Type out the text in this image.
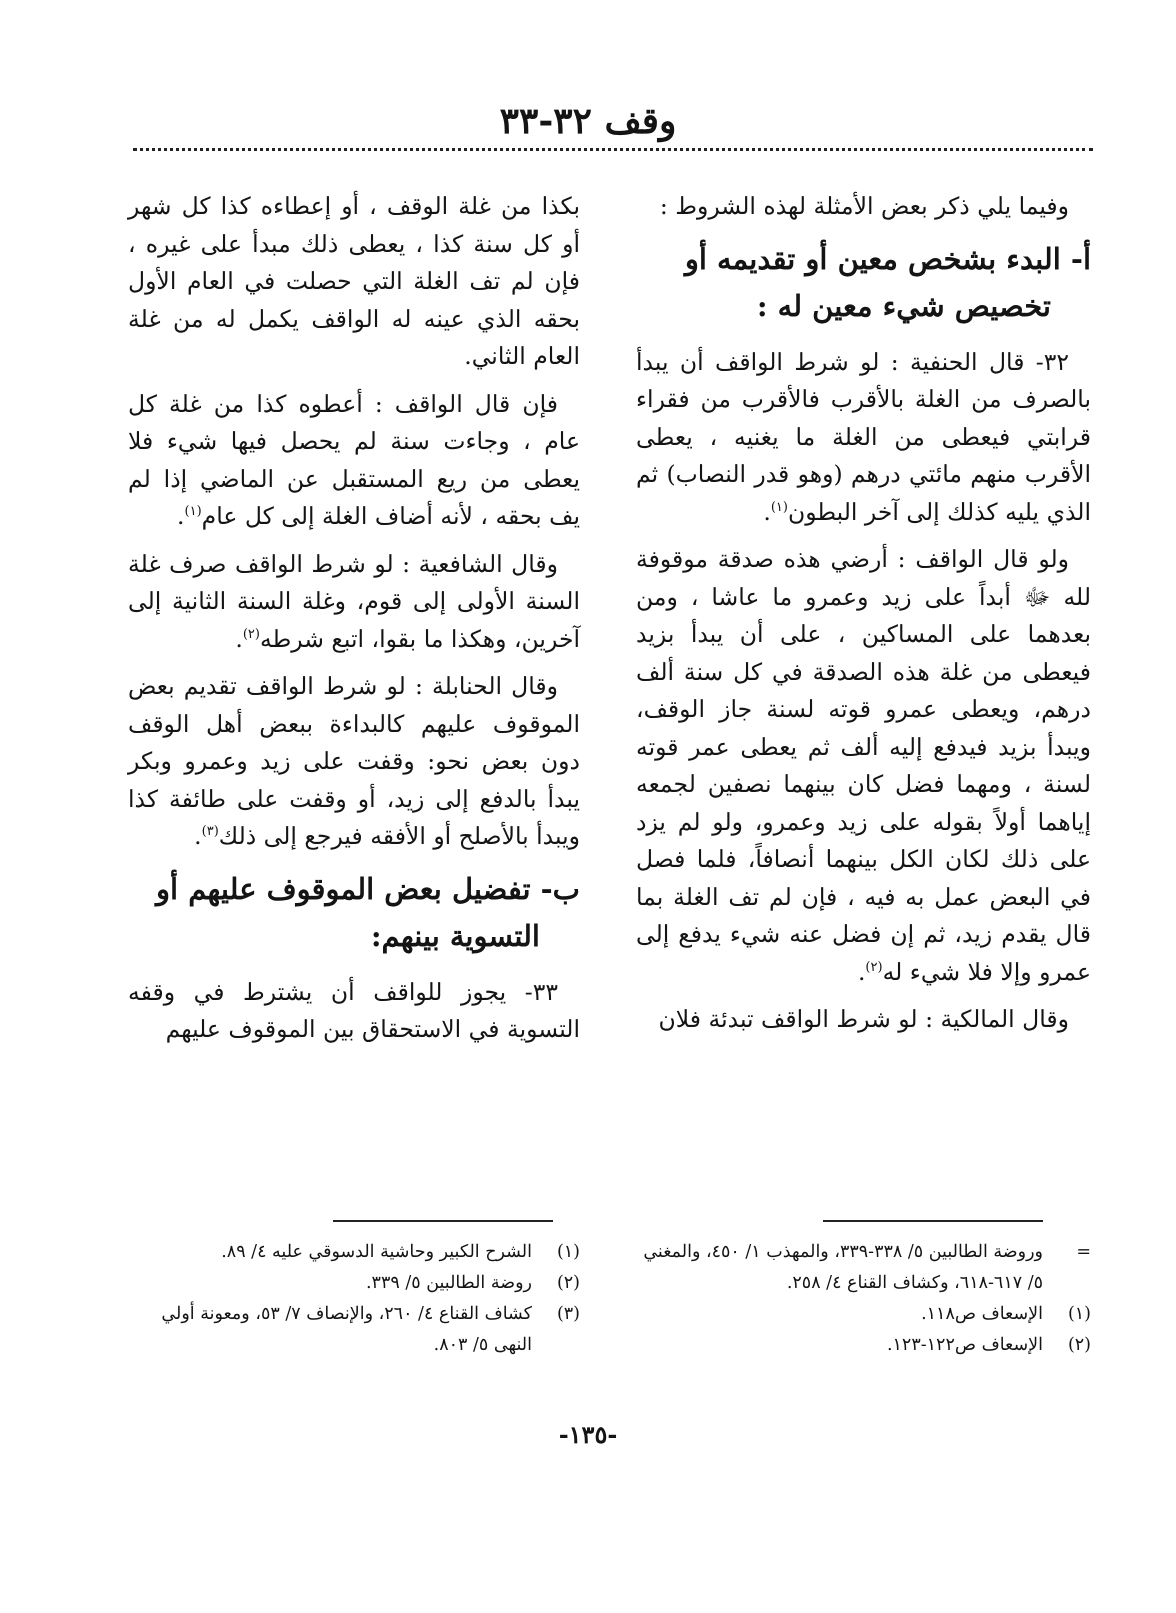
وقف ٣٢-٣٣

وفيما يلي ذكر بعض الأمثلة لهذه الشروط :

أ- البدء بشخص معين أو تقديمه أو
تخصيص شيء معين له :

٣٢- قال الحنفية : لو شرط الواقف أن يبدأ بالصرف من الغلة بالأقرب فالأقرب من فقراء قرابتي فيعطى من الغلة ما يغنيه ، يعطى الأقرب منهم مائتي درهم (وهو قدر النصاب) ثم الذي يليه كذلك إلى آخر البطون$^{(١)}$.

ولو قال الواقف : أرضي هذه صدقة موقوفة لله ﷻ أبداً على زيد وعمرو ما عاشا ، ومن بعدهما على المساكين ، على أن يبدأ بزيد فيعطى من غلة هذه الصدقة في كل سنة ألف درهم، ويعطى عمرو قوته لسنة جاز الوقف، ويبدأ بزيد فيدفع إليه ألف ثم يعطى عمر قوته لسنة ، ومهما فضل كان بينهما نصفين لجمعه إياهما أولاً بقوله على زيد وعمرو، ولو لم يزد على ذلك لكان الكل بينهما أنصافاً، فلما فصل في البعض عمل به فيه ، فإن لم تف الغلة بما قال يقدم زيد، ثم إن فضل عنه شيء يدفع إلى عمرو وإلا فلا شيء له$^{(٢)}$.

وقال المالكية : لو شرط الواقف تبدئة فلان

بكذا من غلة الوقف ، أو إعطاءه كذا كل شهر أو كل سنة كذا ، يعطى ذلك مبدأ على غيره ، فإن لم تف الغلة التي حصلت في العام الأول بحقه الذي عينه له الواقف يكمل له من غلة العام الثاني.

فإن قال الواقف : أعطوه كذا من غلة كل عام ، وجاءت سنة لم يحصل فيها شيء فلا يعطى من ريع المستقبل عن الماضي إذا لم يف بحقه ، لأنه أضاف الغلة إلى كل عام$^{(١)}$.

وقال الشافعية : لو شرط الواقف صرف غلة السنة الأولى إلى قوم، وغلة السنة الثانية إلى آخرين، وهكذا ما بقوا، اتبع شرطه$^{(٢)}$.

وقال الحنابلة : لو شرط الواقف تقديم بعض الموقوف عليهم كالبداءة ببعض أهل الوقف دون بعض نحو: وقفت على زيد وعمرو وبكر يبدأ بالدفع إلى زيد، أو وقفت على طائفة كذا ويبدأ بالأصلح أو الأفقه فيرجع إلى ذلك$^{(٣)}$.

ب- تفضيل بعض الموقوف عليهم أو
التسوية بينهم:

٣٣- يجوز للواقف أن يشترط في وقفه التسوية في الاستحقاق بين الموقوف عليهم

=
وروضة الطالبين ٥/ ٣٣٨-٣٣٩، والمهذب ١/ ٤٥٠، والمغني ٥/ ٦١٧-٦١٨، وكشاف القناع ٤/ ٢٥٨.
(١)
الإسعاف ص١١٨.
(٢)
الإسعاف ص١٢٢-١٢٣.
(١)
الشرح الكبير وحاشية الدسوقي عليه ٤/ ٨٩.
(٢)
روضة الطالبين ٥/ ٣٣٩.
(٣)
كشاف القناع ٤/ ٢٦٠، والإنصاف ٧/ ٥٣، ومعونة أولي النهى ٥/ ٨٠٣.
-١٣٥-
